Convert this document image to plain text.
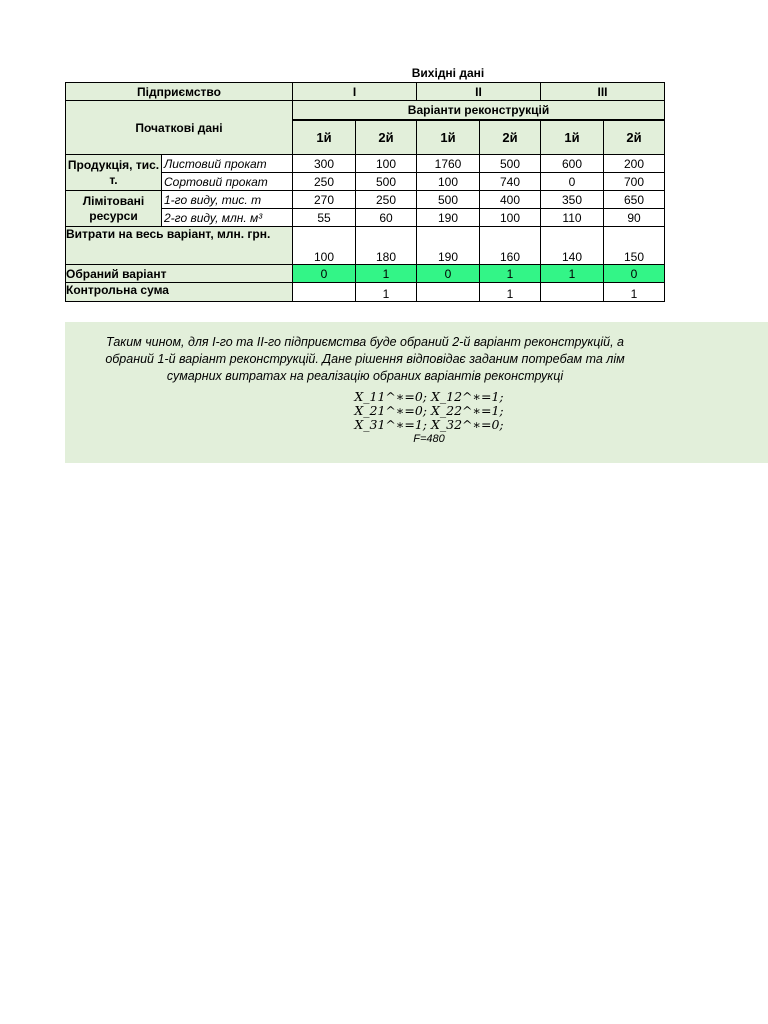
Вихідні дані
Підприємство		I		II		III	
Початкові дані		Варіанти реконструкцій					
		1й	2й	1й	2й	1й	2й
Продукція, тис. т.	Листовий прокат	300	100	1760	500	600	200
	Сортовий прокат	250	500	100	740	0	700
Лімітовані ресурси	1-го виду, тис. т	270	250	500	400	350	650
	2-го виду, млн. м³	55	60	190	100	110	90
Витрати на весь варіант, млн. грн.		100	180	190	160	140	150
Обраний варіант		0	1	0	1	1	0
Контрольна сума			1		1		1
Таким чином, для І-го та ІІ-го підприємства буде обраний 2-й варіант реконструкцій, а
обраний 1-й варіант реконструкцій. Дане рішення відповідає заданим потребам та лім
сумарних витратах на реалізацію обраних варіантів реконструкці
X_11^∗=0; X_12^∗=1;
X_21^∗=0; X_22^∗=1;
X_31^∗=1; X_32^∗=0;
F=480
